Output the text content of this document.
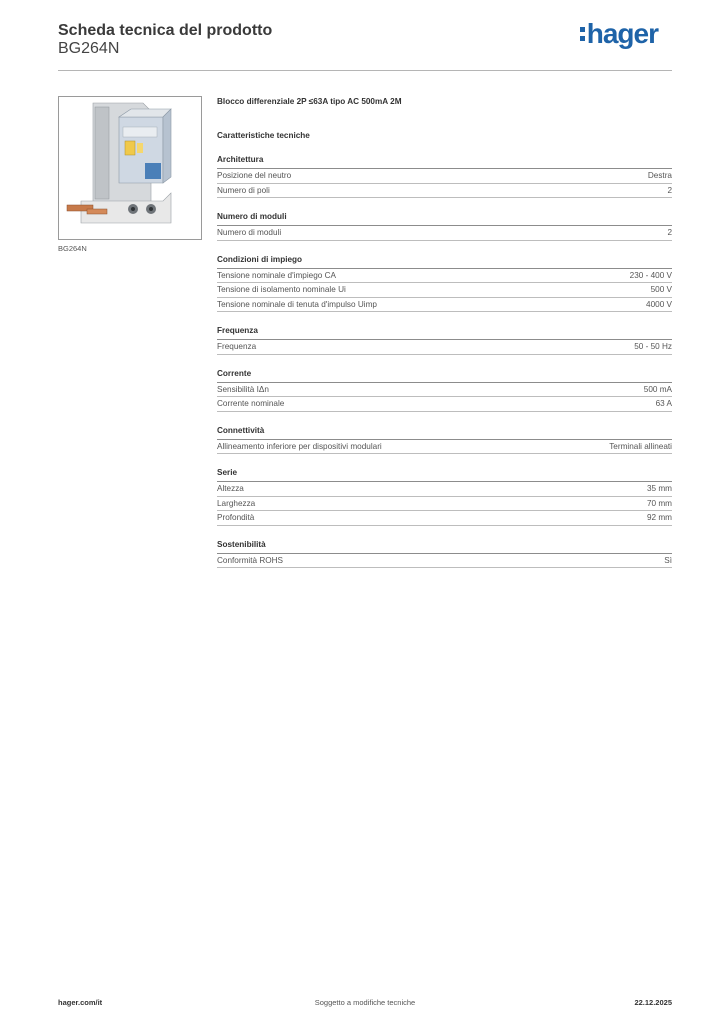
Scheda tecnica del prodotto
BG264N	hager
BG264N
Blocco differenziale 2P ≤63A tipo AC 500mA 2M
Caratteristiche tecniche
Architettura
Posizione del neutro	Destra
Numero di poli	2
Numero di moduli
Numero di moduli	2
Condizioni di impiego
Tensione nominale d'impiego CA	230 - 400 V
Tensione di isolamento nominale Ui	500 V
Tensione nominale di tenuta d'impulso Uimp	4000 V
Frequenza
Frequenza	50 - 50 Hz
Corrente
Sensibilità IΔn	500 mA
Corrente nominale	63 A
Connettività
Allineamento inferiore per dispositivi modulari	Terminali allineati
Serie
Altezza	35 mm
Larghezza	70 mm
Profondità	92 mm
Sostenibilità
Conformità ROHS	Sì
hager.com/it	Soggetto a modifiche tecniche	22.12.2025
